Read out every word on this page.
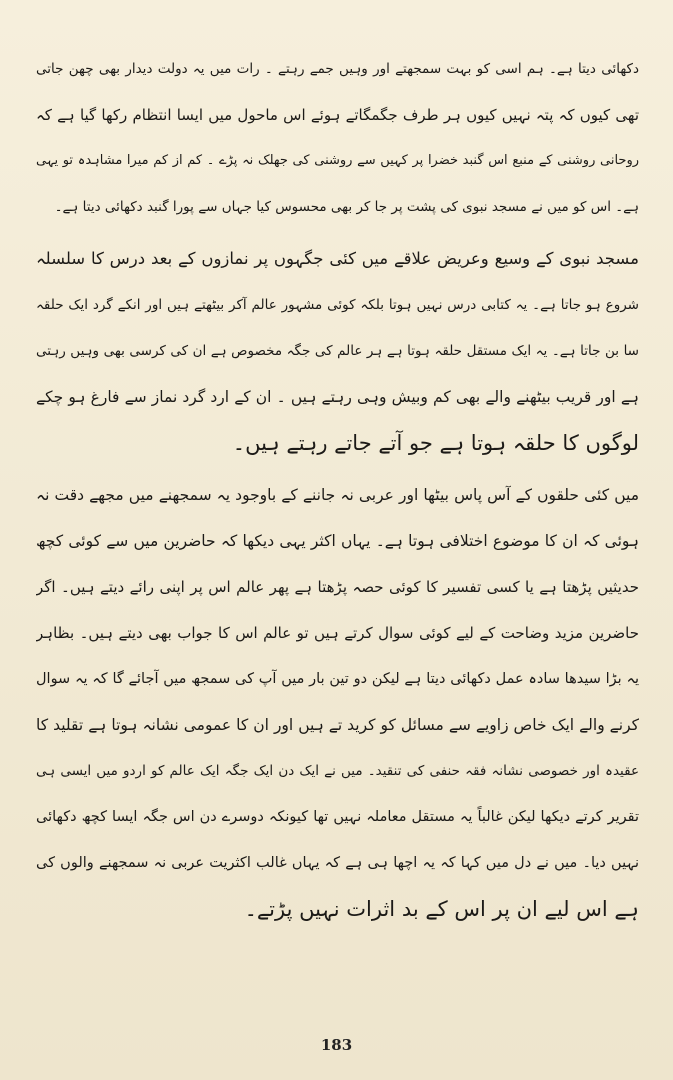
دکھائی دیتا ہے۔ ہم اسی کو بہت سمجھتے اور وہیں جمے رہتے ۔ رات میں یہ دولت دیدار بھی چھن جاتی
تھی کیوں کہ پتہ نہیں کیوں ہر طرف جگمگاتے ہوئے اس ماحول میں ایسا انتظام رکھا گیا ہے کہ
روحانی روشنی کے منبع اس گنبد خضرا پر کہیں سے روشنی کی جھلک نہ پڑے ۔ کم از کم میرا مشاہدہ تو یہی
ہے۔ اس کو میں نے مسجد نبوی کی پشت پر جا کر بھی محسوس کیا جہاں سے پورا گنبد دکھائی دیتا ہے۔
مسجد نبوی کے وسیع وعریض علاقے میں کئی جگہوں پر نمازوں کے بعد درس کا سلسلہ
شروع ہو جاتا ہے۔ یہ کتابی درس نہیں ہوتا بلکہ کوئی مشہور عالم آکر بیٹھتے ہیں اور انکے گرد ایک حلقہ
سا بن جاتا ہے۔ یہ ایک مستقل حلقہ ہوتا ہے ہر عالم کی جگہ مخصوص ہے ان کی کرسی بھی وہیں رہتی
ہے اور قریب بیٹھنے والے بھی کم وبیش وہی رہتے ہیں ۔ ان کے ارد گرد نماز سے فارغ ہو چکے
لوگوں کا حلقہ ہوتا ہے جو آتے جاتے رہتے ہیں۔
میں کئی حلقوں کے آس پاس بیٹھا اور عربی نہ جاننے کے باوجود یہ سمجھنے میں مجھے دقت نہ
ہوئی کہ ان کا موضوع اختلافی ہوتا ہے۔ یہاں اکثر یہی دیکھا کہ حاضرین میں سے کوئی کچھ
حدیثیں پڑھتا ہے یا کسی تفسیر کا کوئی حصہ پڑھتا ہے پھر عالم اس پر اپنی رائے دیتے ہیں۔ اگر
حاضرین مزید وضاحت کے لیے کوئی سوال کرتے ہیں تو عالم اس کا جواب بھی دیتے ہیں۔ بظاہر
یہ بڑا سیدھا سادہ عمل دکھائی دیتا ہے لیکن دو تین بار میں آپ کی سمجھ میں آجائے گا کہ یہ سوال
کرنے والے ایک خاص زاویے سے مسائل کو کرید تے ہیں اور ان کا عمومی نشانہ ہوتا ہے تقلید کا
عقیدہ اور خصوصی نشانہ فقہ حنفی کی تنقید۔ میں نے ایک دن ایک جگہ ایک عالم کو اردو میں ایسی ہی
تقریر کرتے دیکھا لیکن غالباً یہ مستقل معاملہ نہیں تھا کیونکہ دوسرے دن اس جگہ ایسا کچھ دکھائی
نہیں دیا۔ میں نے دل میں کہا کہ یہ اچھا ہی ہے کہ یہاں غالب اکثریت عربی نہ سمجھنے والوں کی
ہے اس لیے ان پر اس کے بد اثرات نہیں پڑتے۔
183
